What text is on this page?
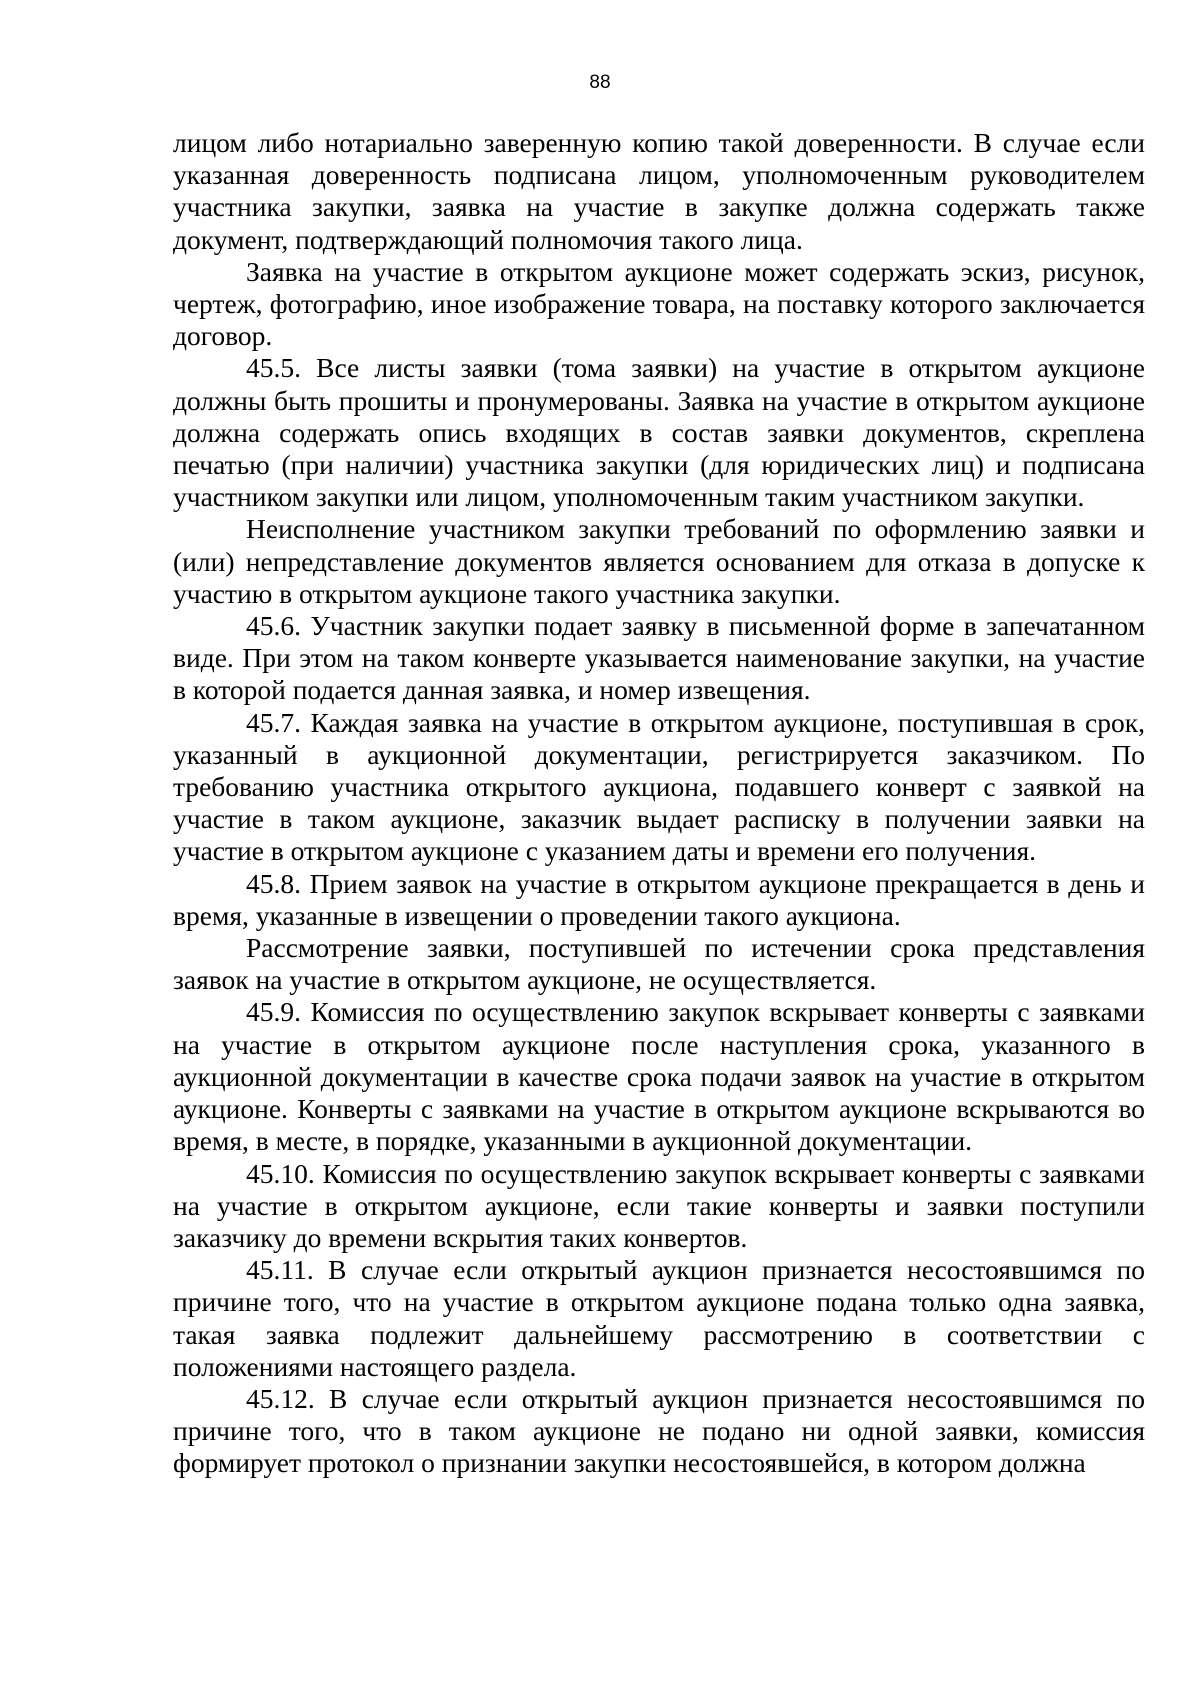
88

лицом либо нотариально заверенную копию такой доверенности. В случае если указанная доверенность подписана лицом, уполномоченным руководителем участника закупки, заявка на участие в закупке должна содержать также документ, подтверждающий полномочия такого лица.

Заявка на участие в открытом аукционе может содержать эскиз, рисунок, чертеж, фотографию, иное изображение товара, на поставку которого заключается договор.

45.5. Все листы заявки (тома заявки) на участие в открытом аукционе должны быть прошиты и пронумерованы. Заявка на участие в открытом аукционе должна содержать опись входящих в состав заявки документов, скреплена печатью (при наличии) участника закупки (для юридических лиц) и подписана участником закупки или лицом, уполномоченным таким участником закупки.

Неисполнение участником закупки требований по оформлению заявки и (или) непредставление документов является основанием для отказа в допуске к участию в открытом аукционе такого участника закупки.

45.6. Участник закупки подает заявку в письменной форме в запечатанном виде. При этом на таком конверте указывается наименование закупки, на участие в которой подается данная заявка, и номер извещения.

45.7. Каждая заявка на участие в открытом аукционе, поступившая в срок, указанный в аукционной документации, регистрируется заказчиком. По требованию участника открытого аукциона, подавшего конверт с заявкой на участие в таком аукционе, заказчик выдает расписку в получении заявки на участие в открытом аукционе с указанием даты и времени его получения.

45.8. Прием заявок на участие в открытом аукционе прекращается в день и время, указанные в извещении о проведении такого аукциона.

Рассмотрение заявки, поступившей по истечении срока представления заявок на участие в открытом аукционе, не осуществляется.

45.9. Комиссия по осуществлению закупок вскрывает конверты с заявками на участие в открытом аукционе после наступления срока, указанного в аукционной документации в качестве срока подачи заявок на участие в открытом аукционе. Конверты с заявками на участие в открытом аукционе вскрываются во время, в месте, в порядке, указанными в аукционной документации.

45.10. Комиссия по осуществлению закупок вскрывает конверты с заявками на участие в открытом аукционе, если такие конверты и заявки поступили заказчику до времени вскрытия таких конвертов.

45.11. В случае если открытый аукцион признается несостоявшимся по причине того, что на участие в открытом аукционе подана только одна заявка, такая заявка подлежит дальнейшему рассмотрению в соответствии с положениями настоящего раздела.

45.12. В случае если открытый аукцион признается несостоявшимся по причине того, что в таком аукционе не подано ни одной заявки, комиссия формирует протокол о признании закупки несостоявшейся, в котором должна
